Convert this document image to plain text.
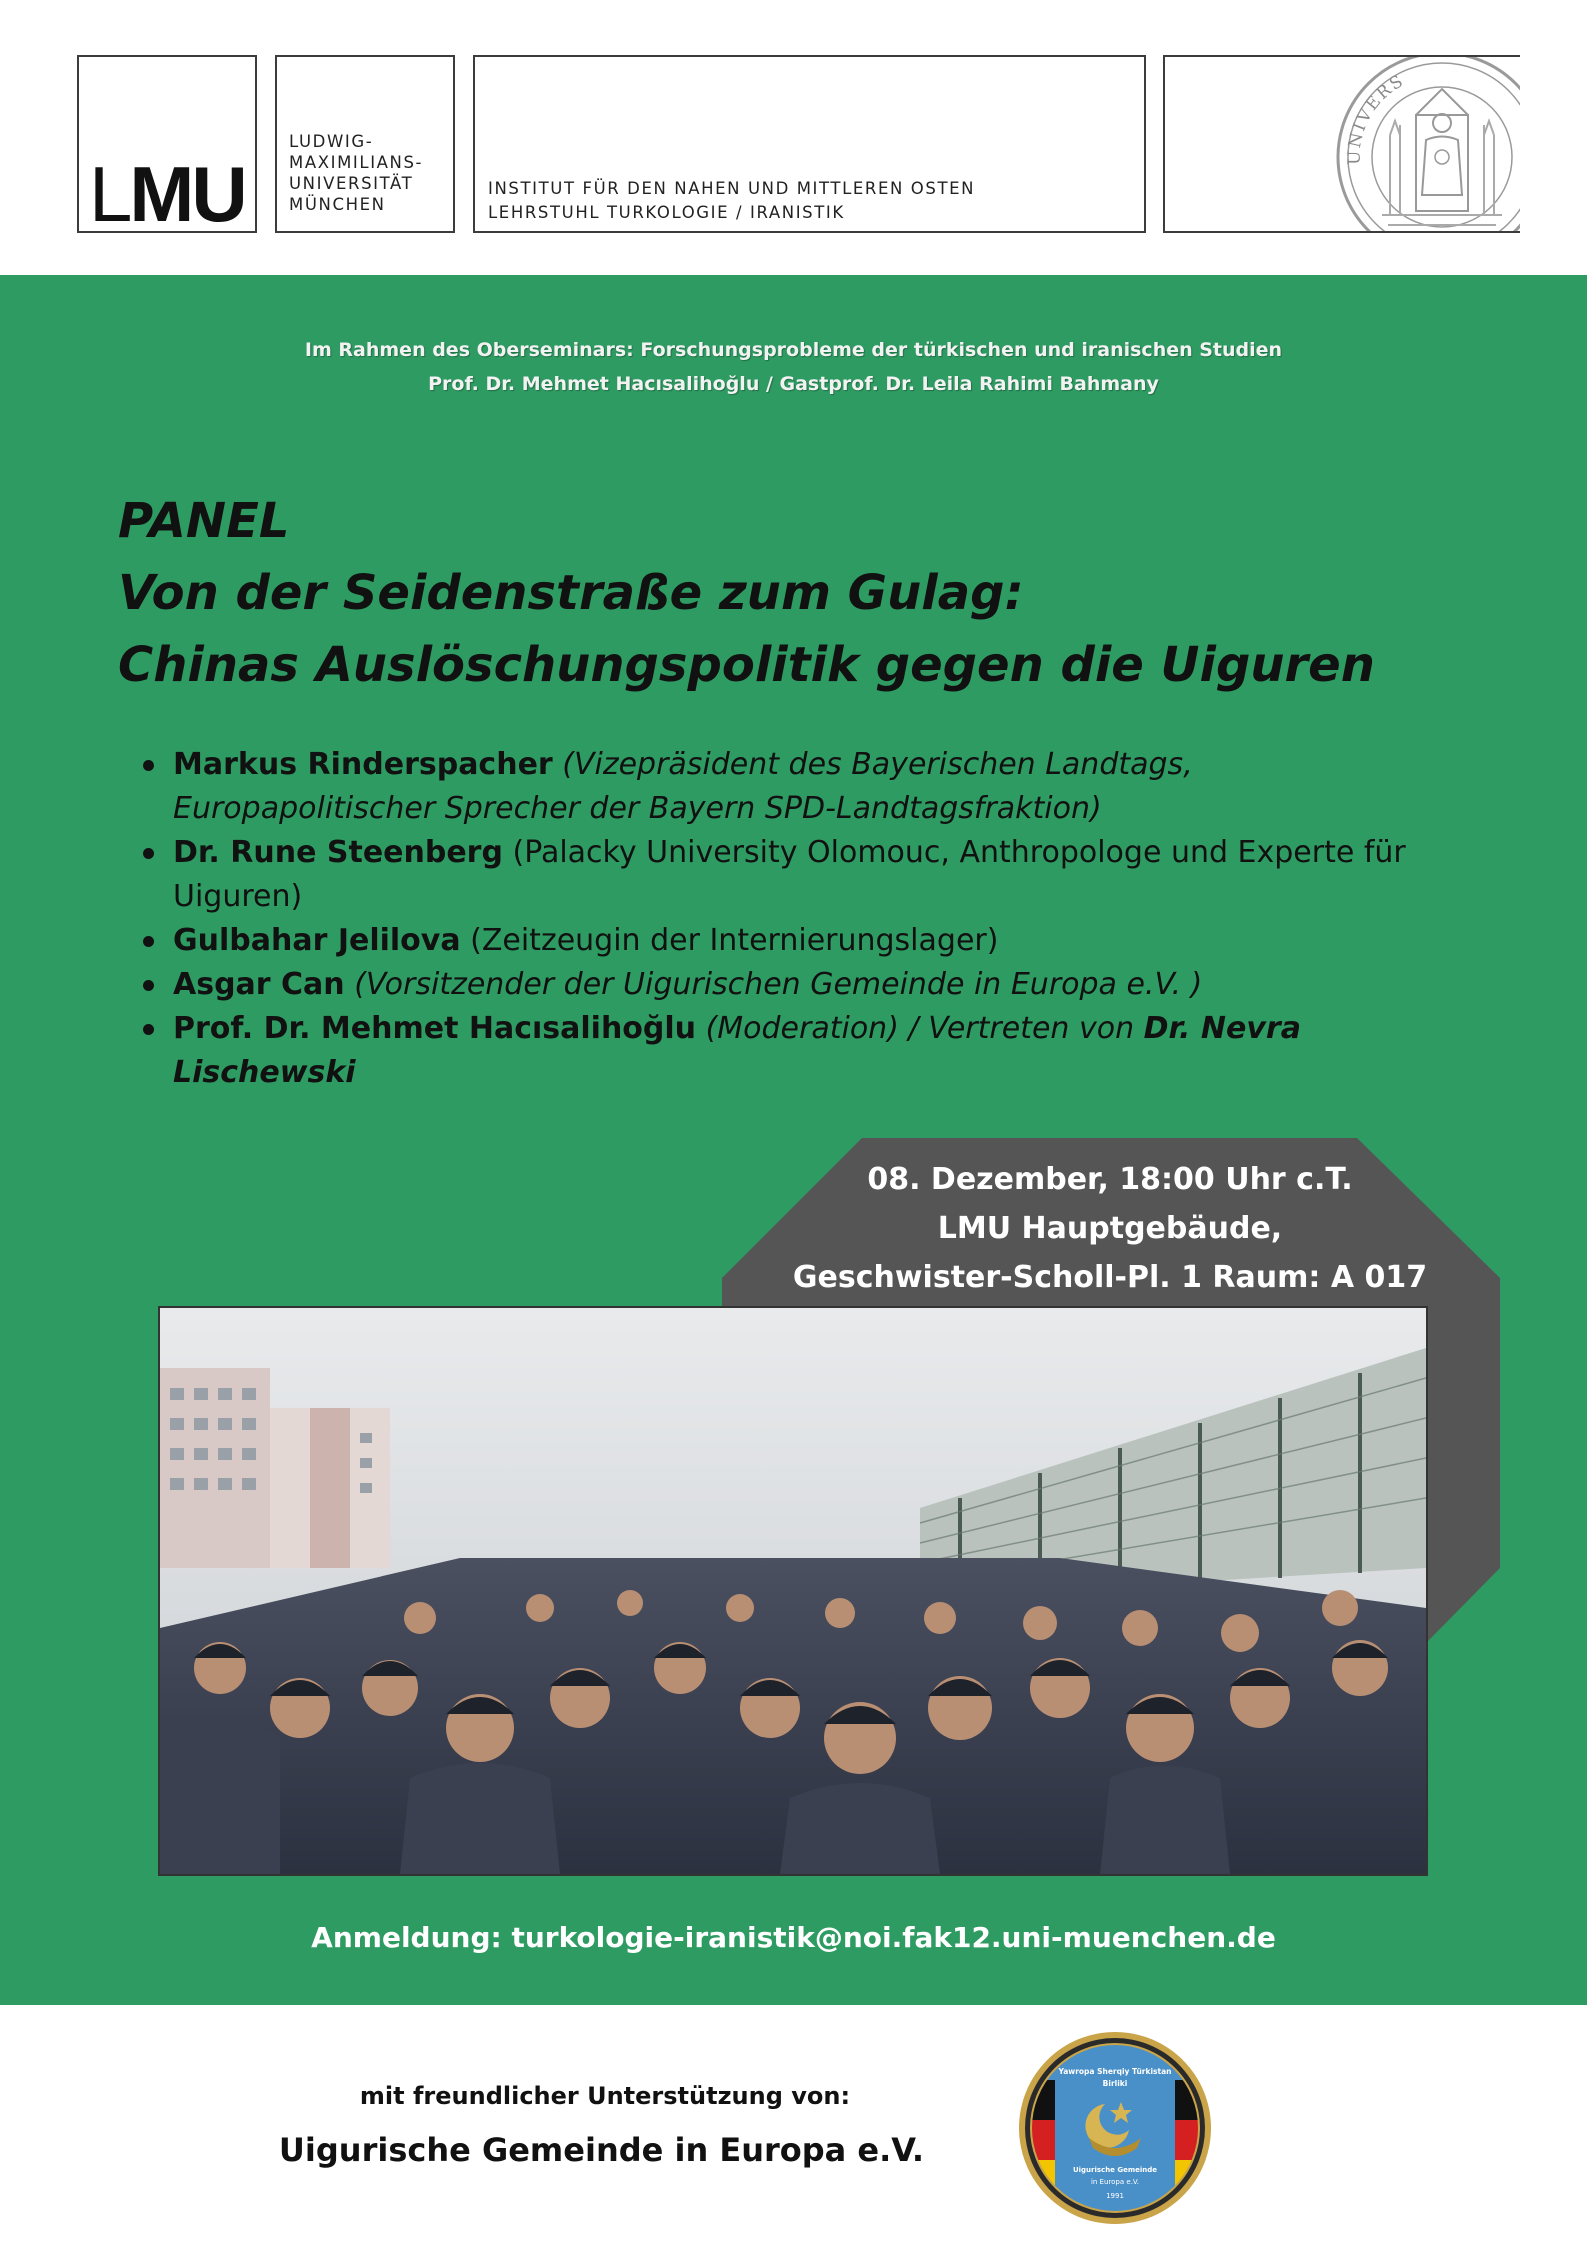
LMU
LUDWIG-
MAXIMILIANS-
UNIVERSITÄT
MÜNCHEN
INSTITUT FÜR DEN NAHEN UND MITTLEREN OSTEN
LEHRSTUHL TURKOLOGIE / IRANISTIK
UNIVERS
Im Rahmen des Oberseminars: Forschungsprobleme der türkischen und iranischen Studien
Prof. Dr. Mehmet Hacısalihoğlu / Gastprof. Dr. Leila Rahimi Bahmany
PANEL
Von der Seidenstraße zum Gulag:
Chinas Auslöschungspolitik gegen die Uiguren
Markus Rinderspacher (Vizepräsident des Bayerischen Landtags,
Europapolitischer Sprecher der Bayern SPD-Landtagsfraktion)
Dr. Rune Steenberg (Palacky University Olomouc, Anthropologe und Experte für
Uiguren)
Gulbahar Jelilova (Zeitzeugin der Internierungslager)
Asgar Can (Vorsitzender der Uigurischen Gemeinde in Europa e.V. )
Prof. Dr. Mehmet Hacısalihoğlu (Moderation) / Vertreten von Dr. Nevra Lischewski
08. Dezember, 18:00 Uhr c.T.
LMU Hauptgebäude,
Geschwister-Scholl-Pl. 1 Raum: A 017
Anmeldung: turkologie-iranistik@noi.fak12.uni-muenchen.de
mit freundlicher Unterstützung von:
Uigurische Gemeinde in Europa e.V.
Yawropa Sherqiy Türkistan
Birliki
Uigurische Gemeinde
in Europa e.V.
1991
